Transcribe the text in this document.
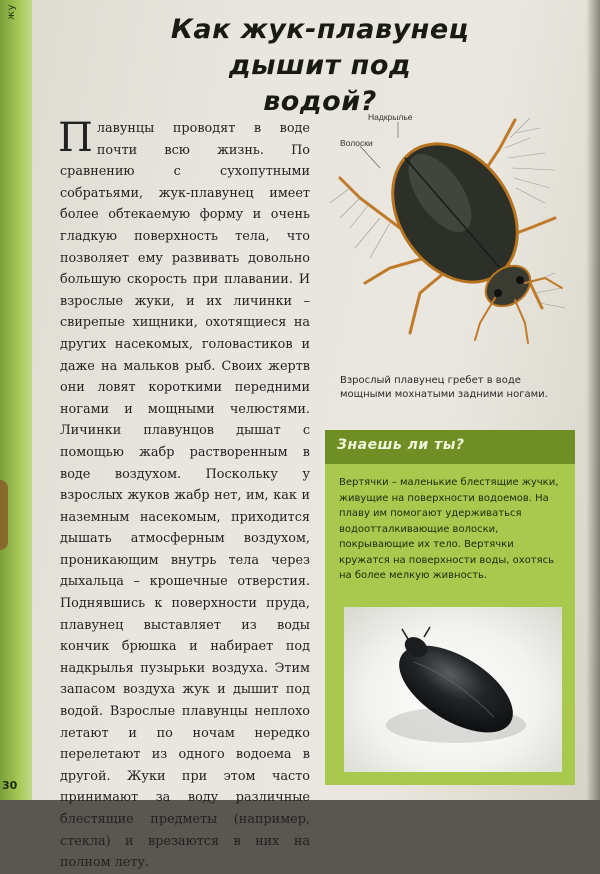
жу
30
Как жук-плавунец
дышит под водой?

Плавунцы проводят в воде почти всю жизнь. По сравнению с сухопутными собратьями, жук-плавунец имеет более обтекаемую форму и очень гладкую поверхность тела, что позволяет ему развивать довольно большую скорость при плавании. И взрослые жуки, и их личинки – свирепые хищники, охотящиеся на других насекомых, головастиков и даже на мальков рыб. Своих жертв они ловят короткими передними ногами и мощными челюстями. Личинки плавунцов дышат с помощью жабр растворенным в воде воздухом. Поскольку у взрослых жуков жабр нет, им, как и наземным насекомым, приходится дышать атмосферным воздухом, проникающим внутрь тела через дыхальца – крошечные отверстия. Поднявшись к поверхности пруда, плавунец выставляет из воды кончик брюшка и набирает под надкрылья пузырьки воздуха. Этим запасом воздуха жук и дышит под водой. Взрослые плавунцы неплохо летают и по ночам нередко перелетают из одного водоема в другой. Жуки при этом часто принимают за воду различные блестящие предметы (например, стекла) и врезаются в них на полном лету.

Надкрылье
Волоски
Взрослый плавунец гребет в воде мощными мохнатыми задними ногами.
Знаешь ли ты?
Вертячки – маленькие блестящие жучки, живущие на поверхности водоемов. На плаву им помогают удерживаться водоотталкивающие волоски, покрывающие их тело. Вертячки кружатся на поверхности воды, охотясь на более мелкую живность.
